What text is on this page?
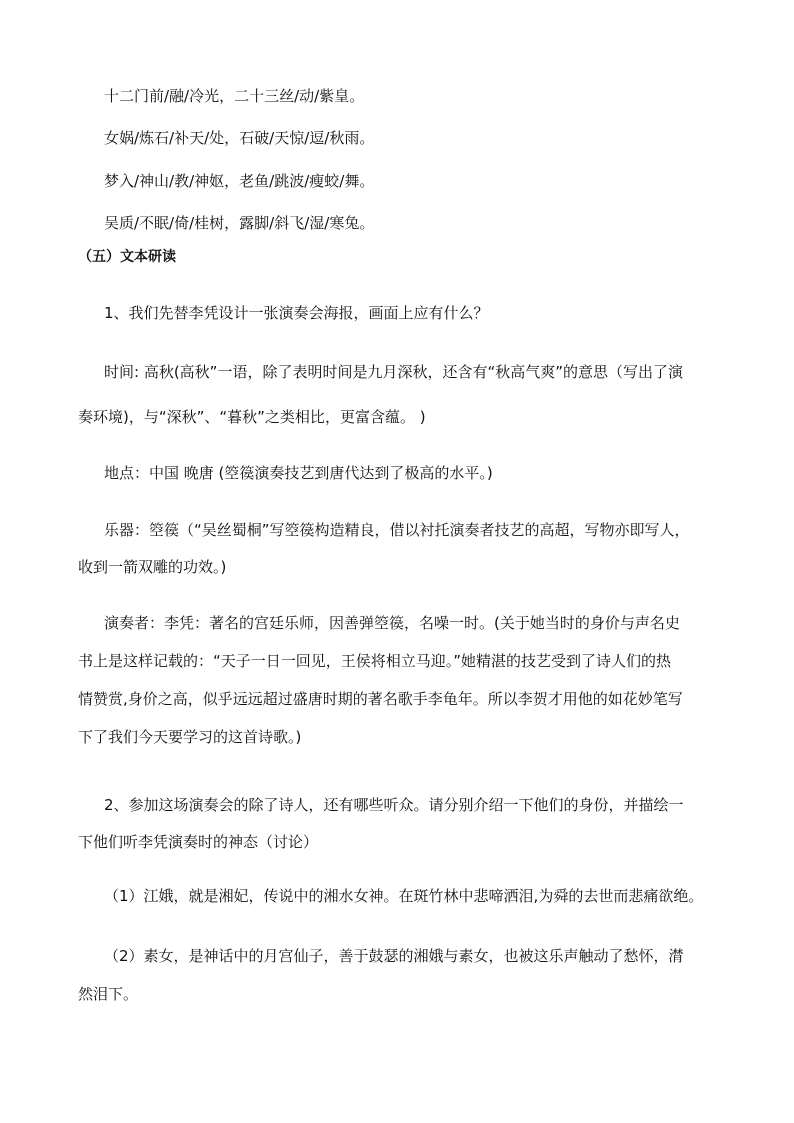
十二门前/融/冷光，二十三丝/动/紫皇。
女娲/炼石/补天/处，石破/天惊/逗/秋雨。
梦入/神山/教/神妪，老鱼/跳波/瘦蛟/舞。
吴质/不眠/倚/桂树，露脚/斜飞/湿/寒兔。
（五）文本研读
1、我们先替李凭设计一张演奏会海报，画面上应有什么？
时间: 高秋(高秋”一语，除了表明时间是九月深秋，还含有“秋高气爽”的意思（写出了演
奏环境)，与“深秋”、“暮秋”之类相比，更富含蕴。 )
地点：中国 晚唐 (箜篌演奏技艺到唐代达到了极高的水平。)
乐器：箜篌（“吴丝蜀桐”写箜篌构造精良，借以衬托演奏者技艺的高超，写物亦即写人，
收到一箭双雕的功效。)
演奏者：李凭：著名的宫廷乐师，因善弹箜篌，名噪一时。(关于她当时的身价与声名史
书上是这样记载的：“天子一日一回见，王侯将相立马迎。”她精湛的技艺受到了诗人们的热
情赞赏,身价之高，似乎远远超过盛唐时期的著名歌手李龟年。所以李贺才用他的如花妙笔写
下了我们今天要学习的这首诗歌。)
2、参加这场演奏会的除了诗人，还有哪些听众。请分别介绍一下他们的身份，并描绘一
下他们听李凭演奏时的神态（讨论）
（1）江娥，就是湘妃，传说中的湘水女神。在斑竹林中悲啼洒泪,为舜的去世而悲痛欲绝。
（2）素女，是神话中的月宫仙子，善于鼓瑟的湘娥与素女，也被这乐声触动了愁怀，潸
然泪下。
